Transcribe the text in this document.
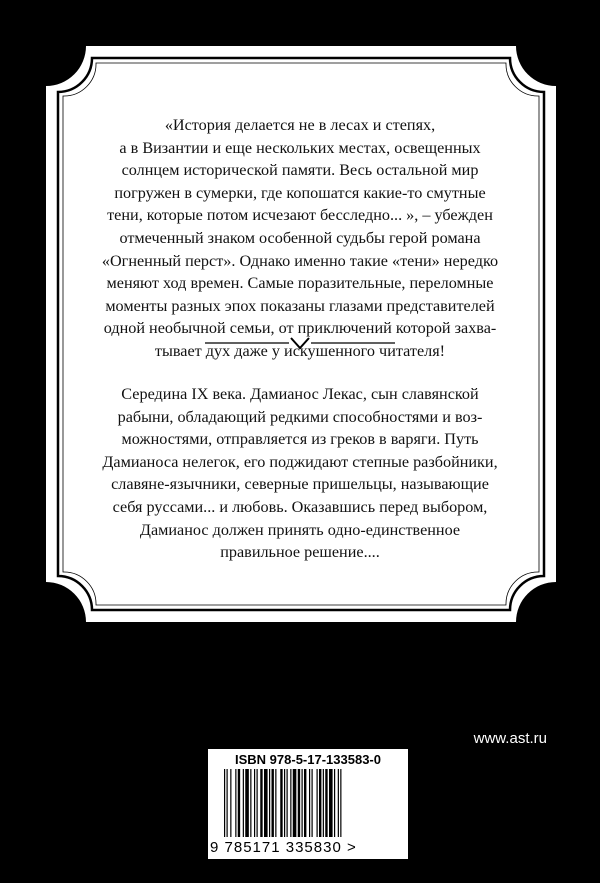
«История делается не в лесах и степях,
а в Византии и еще нескольких местах, освещенных
солнцем исторической памяти. Весь остальной мир
погружен в сумерки, где копошатся какие-то смутные
тени, которые потом исчезают бесследно... », – убежден
отмеченный знаком особенной судьбы герой романа
«Огненный перст». Однако именно такие «тени» нередко
меняют ход времен. Самые поразительные, переломные
моменты разных эпох показаны глазами представителей
одной необычной семьи, от приключений которой захва-
тывает дух даже у искушенного читателя!
Середина IX века. Дамианос Лекас, сын славянской
рабыни, обладающий редкими способностями и воз-
можностями, отправляется из греков в варяги. Путь
Дамианоса нелегок, его поджидают степные разбойники,
славяне-язычники, северные пришельцы, называющие
себя руссами... и любовь. Оказавшись перед выбором,
Дамианос должен принять одно-единственное
правильное решение....
www.ast.ru
ISBN 978-5-17-133583-0
9 785171 335830 >
